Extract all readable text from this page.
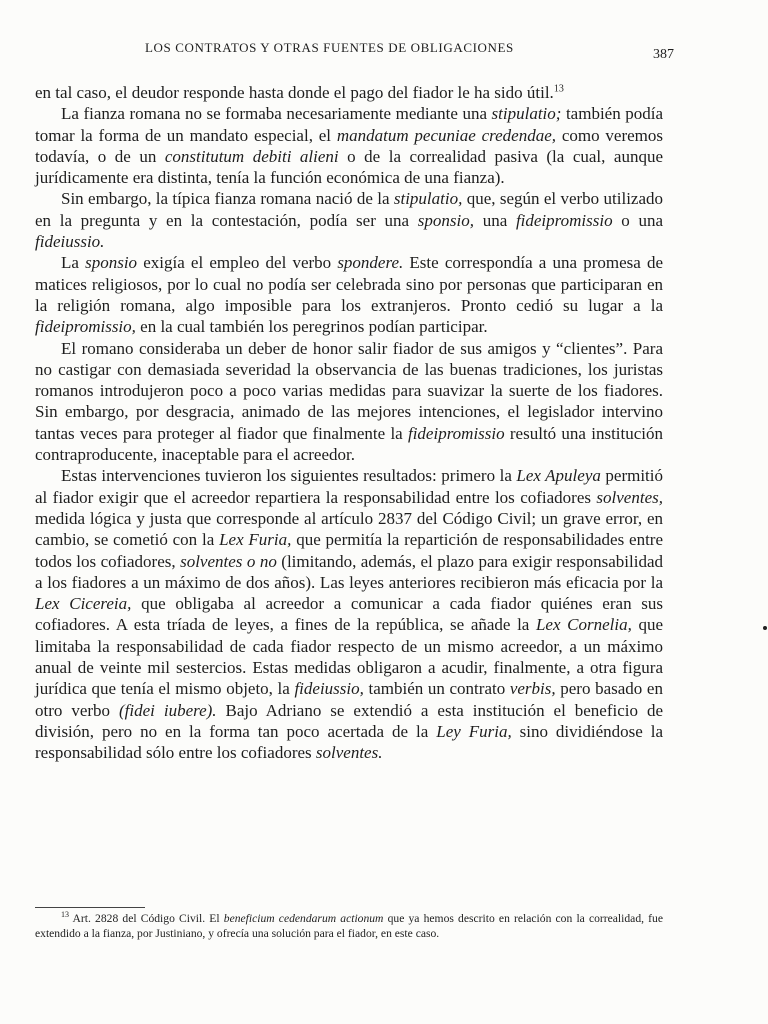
LOS CONTRATOS Y OTRAS FUENTES DE OBLIGACIONES	387

en tal caso, el deudor responde hasta donde el pago del fiador le ha sido útil.$^{13}$

La fianza romana no se formaba necesariamente mediante una stipulatio; también podía tomar la forma de un mandato especial, el mandatum pecuniae credendae, como veremos todavía, o de un constitutum debiti alieni o de la correalidad pasiva (la cual, aunque jurídicamente era distinta, tenía la función económica de una fianza).

Sin embargo, la típica fianza romana nació de la stipulatio, que, según el verbo utilizado en la pregunta y en la contestación, podía ser una sponsio, una fideipromissio o una fideiussio.

La sponsio exigía el empleo del verbo spondere. Este correspondía a una promesa de matices religiosos, por lo cual no podía ser celebrada sino por personas que participaran en la religión romana, algo imposible para los extranjeros. Pronto cedió su lugar a la fideipromissio, en la cual también los peregrinos podían participar.

El romano consideraba un deber de honor salir fiador de sus amigos y “clientes”. Para no castigar con demasiada severidad la observancia de las buenas tradiciones, los juristas romanos introdujeron poco a poco varias medidas para suavizar la suerte de los fiadores. Sin embargo, por desgracia, animado de las mejores intenciones, el legislador intervino tantas veces para proteger al fiador que finalmente la fideipromissio resultó una institución contraproducente, inaceptable para el acreedor.

Estas intervenciones tuvieron los siguientes resultados: primero la Lex Apuleya permitió al fiador exigir que el acreedor repartiera la responsabilidad entre los cofiadores solventes, medida lógica y justa que corresponde al artículo 2837 del Código Civil; un grave error, en cambio, se cometió con la Lex Furia, que permitía la repartición de responsabilidades entre todos los cofiadores, solventes o no (limitando, además, el plazo para exigir responsabilidad a los fiadores a un máximo de dos años). Las leyes anteriores recibieron más eficacia por la Lex Cicereia, que obligaba al acreedor a comunicar a cada fiador quiénes eran sus cofiadores. A esta tríada de leyes, a fines de la república, se añade la Lex Cornelia, que limitaba la responsabilidad de cada fiador respecto de un mismo acreedor, a un máximo anual de veinte mil sestercios. Estas medidas obligaron a acudir, finalmente, a otra figura jurídica que tenía el mismo objeto, la fideiussio, también un contrato verbis, pero basado en otro verbo (fidei iubere). Bajo Adriano se extendió a esta institución el beneficio de división, pero no en la forma tan poco acertada de la Ley Furia, sino dividiéndose la responsabilidad sólo entre los cofiadores solventes.

$^{13}$ Art. 2828 del Código Civil. El beneficium cedendarum actionum que ya hemos descrito en relación con la correalidad, fue extendido a la fianza, por Justiniano, y ofrecía una solución para el fiador, en este caso.
